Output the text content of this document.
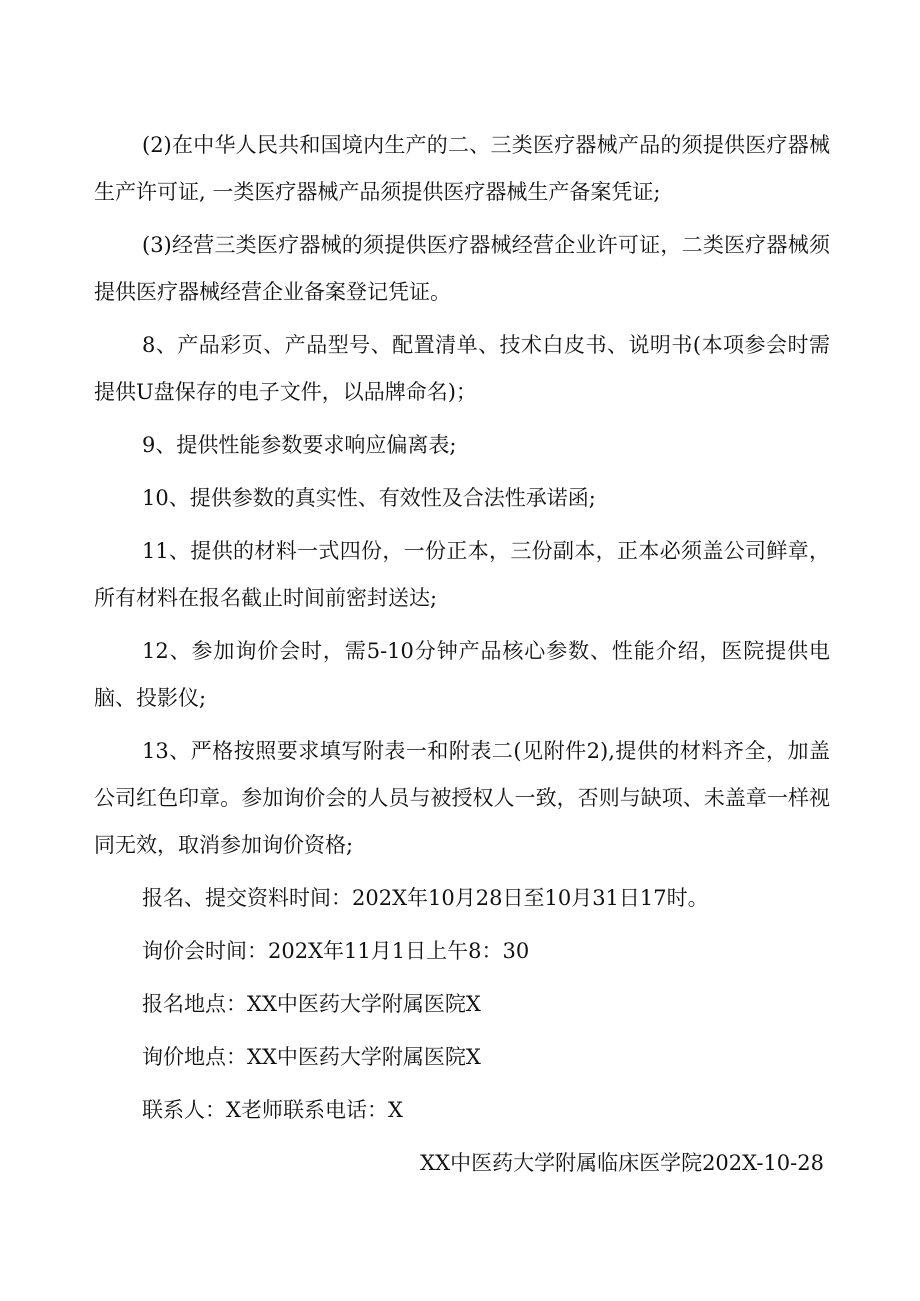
(2)在中华人民共和国境内生产的二、三类医疗器械产品的须提供医疗器械生产许可证, 一类医疗器械产品须提供医疗器械生产备案凭证;

(3)经营三类医疗器械的须提供医疗器械经营企业许可证，二类医疗器械须提供医疗器械经营企业备案登记凭证。

8、产品彩页、产品型号、配置清单、技术白皮书、说明书(本项参会时需提供U盘保存的电子文件，以品牌命名)；

9、提供性能参数要求响应偏离表;

10、提供参数的真实性、有效性及合法性承诺函;

11、提供的材料一式四份，一份正本，三份副本，正本必须盖公司鲜章，所有材料在报名截止时间前密封送达;

12、参加询价会时，需5-10分钟产品核心参数、性能介绍，医院提供电脑、投影仪;

13、严格按照要求填写附表一和附表二(见附件2),提供的材料齐全，加盖公司红色印章。参加询价会的人员与被授权人一致，否则与缺项、未盖章一样视同无效，取消参加询价资格;

报名、提交资料时间：202X年10月28日至10月31日17时。

询价会时间：202X年11月1日上午8：30

报名地点：XX中医药大学附属医院X

询价地点：XX中医药大学附属医院X

联系人：X老师联系电话：X

XX中医药大学附属临床医学院202X-10-28
